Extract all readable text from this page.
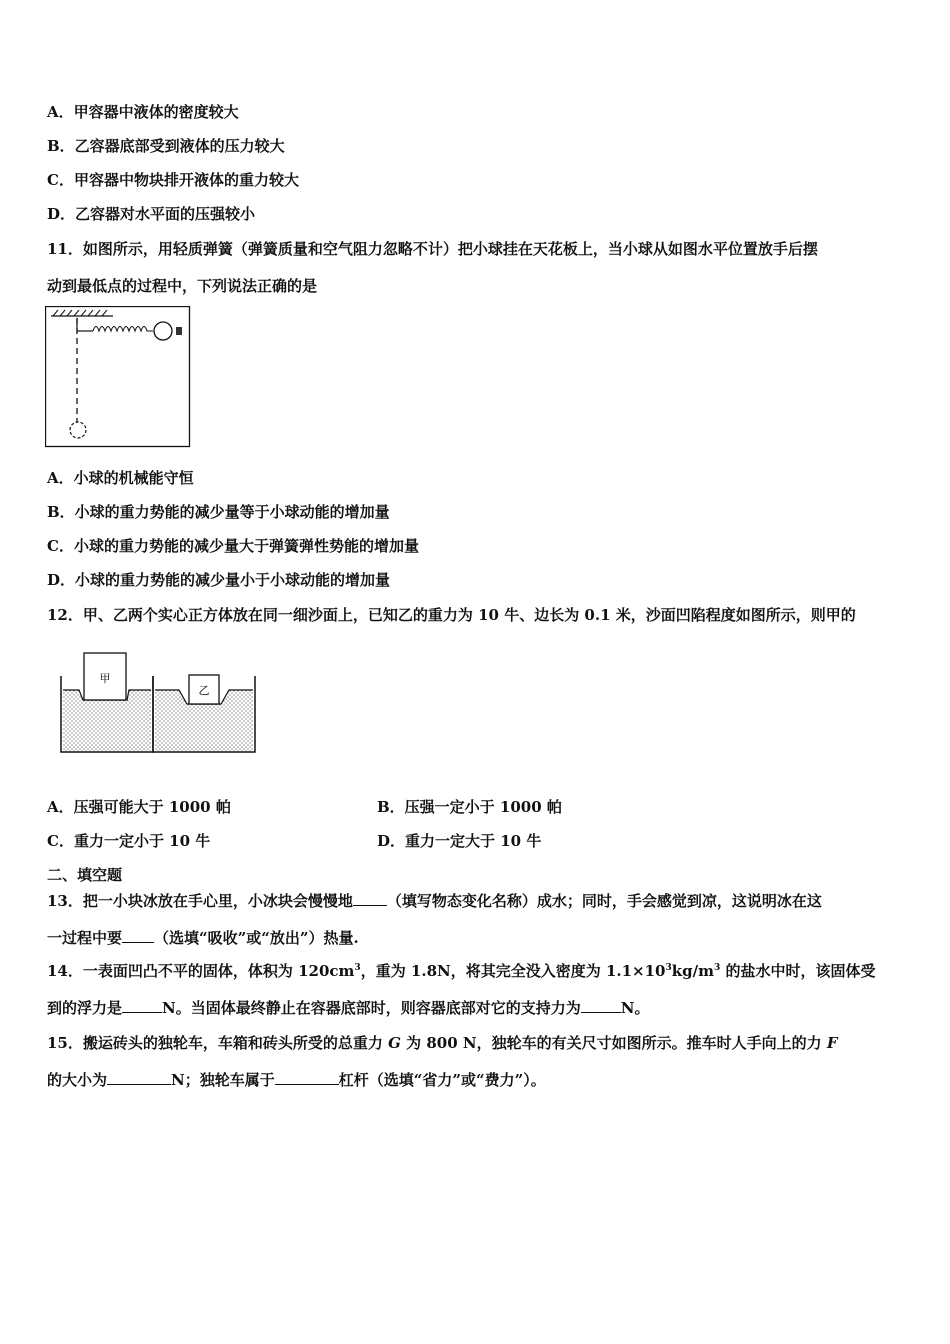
A．甲容器中液体的密度较大
B．乙容器底部受到液体的压力较大
C．甲容器中物块排开液体的重力较大
D．乙容器对水平面的压强较小
11．如图所示，用轻质弹簧（弹簧质量和空气阻力忽略不计）把小球挂在天花板上，当小球从如图水平位置放手后摆
动到最低点的过程中，下列说法正确的是
A．小球的机械能守恒
B．小球的重力势能的减少量等于小球动能的增加量
C．小球的重力势能的减少量大于弹簧弹性势能的增加量
D．小球的重力势能的减少量小于小球动能的增加量
12．甲、乙两个实心正方体放在同一细沙面上，已知乙的重力为 10 牛、边长为 0.1 米，沙面凹陷程度如图所示，则甲的
甲
乙
A．压强可能大于 1000 帕	B．压强一定小于 1000 帕
C．重力一定小于 10 牛	D．重力一定大于 10 牛
二、填空题
13．把一小块冰放在手心里，小冰块会慢慢地 （填写物态变化名称）成水；同时，手会感觉到凉，这说明冰在这
一过程中要 （选填“吸收”或“放出”）热量.
14．一表面凹凸不平的固体，体积为 $120cm^3$，重为 1.8N，将其完全没入密度为 $1.1\times 10^3kg/m^3$ 的盐水中时，该固体受
到的浮力是	N。当固体最终静止在容器底部时，则容器底部对它的支持力为	N。
15．搬运砖头的独轮车，车箱和砖头所受的总重力 G 为 800 N，独轮车的有关尺寸如图所示。推车时人手向上的力 F
的大小为	N；独轮车属于	杠杆（选填“省力”或“费力”）。
